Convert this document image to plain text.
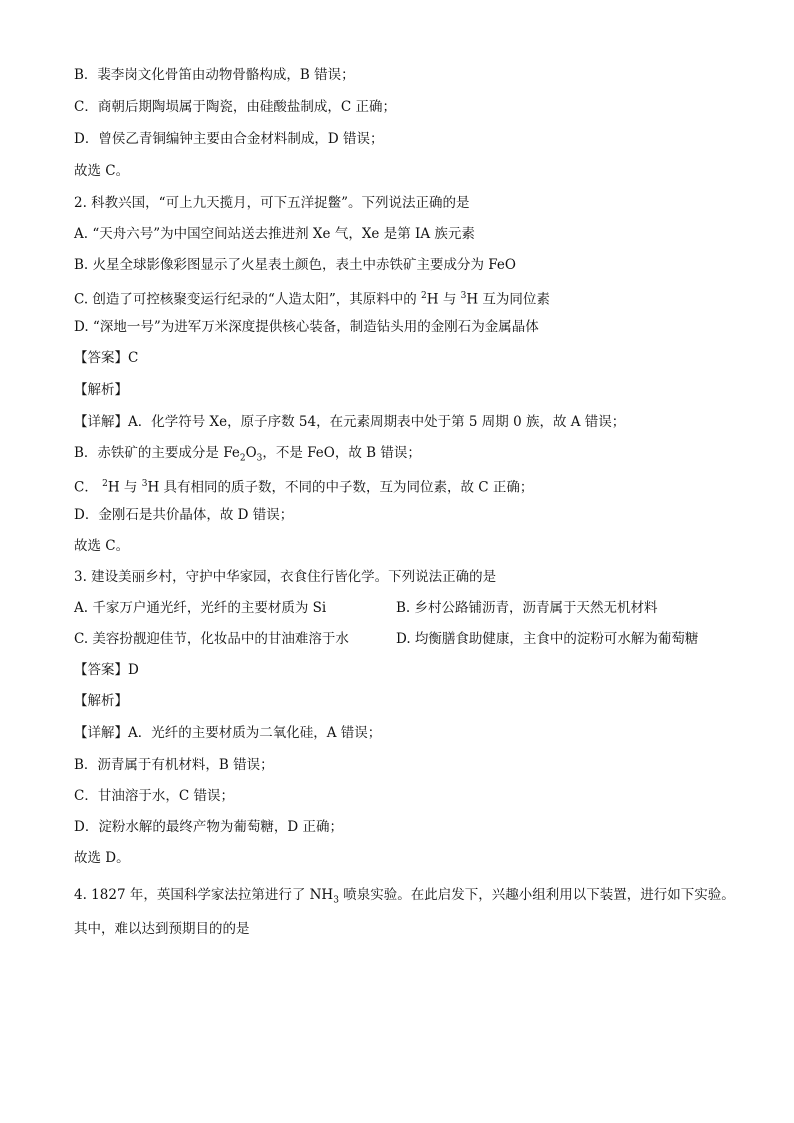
B．裴李岗文化骨笛由动物骨骼构成，B 错误；
C．商朝后期陶埙属于陶瓷，由硅酸盐制成，C 正确；
D．曾侯乙青铜编钟主要由合金材料制成，D 错误；
故选 C。
2. 科教兴国，“可上九天揽月，可下五洋捉鳖”。下列说法正确的是
A. “天舟六号”为中国空间站送去推进剂 Xe 气，Xe 是第 IA 族元素
B. 火星全球影像彩图显示了火星表土颜色，表土中赤铁矿主要成分为 FeO
C. 创造了可控核聚变运行纪录的“人造太阳”，其原料中的 $^2$H 与 $^3$H 互为同位素
D. “深地一号”为进军万米深度提供核心装备，制造钻头用的金刚石为金属晶体
【答案】C
【解析】
【详解】A．化学符号 Xe，原子序数 54，在元素周期表中处于第 5 周期 0 族，故 A 错误；
B．赤铁矿的主要成分是 $Fe_2O_3$，不是 FeO，故 B 错误；
C． $^2$H 与 $^3$H 具有相同的质子数，不同的中子数，互为同位素，故 C 正确；
D．金刚石是共价晶体，故 D 错误；
故选 C。
3. 建设美丽乡村，守护中华家园，衣食住行皆化学。下列说法正确的是
A. 千家万户通光纤，光纤的主要材质为 Si	B. 乡村公路铺沥青，沥青属于天然无机材料
C. 美容扮靓迎佳节，化妆品中的甘油难溶于水	D. 均衡膳食助健康，主食中的淀粉可水解为葡萄糖
【答案】D
【解析】
【详解】A．光纤的主要材质为二氧化硅，A 错误；
B．沥青属于有机材料，B 错误；
C．甘油溶于水，C 错误；
D．淀粉水解的最终产物为葡萄糖，D 正确；
故选 D。
4. 1827 年，英国科学家法拉第进行了 $NH_3$ 喷泉实验。在此启发下，兴趣小组利用以下装置，进行如下实验。
其中，难以达到预期目的的是
